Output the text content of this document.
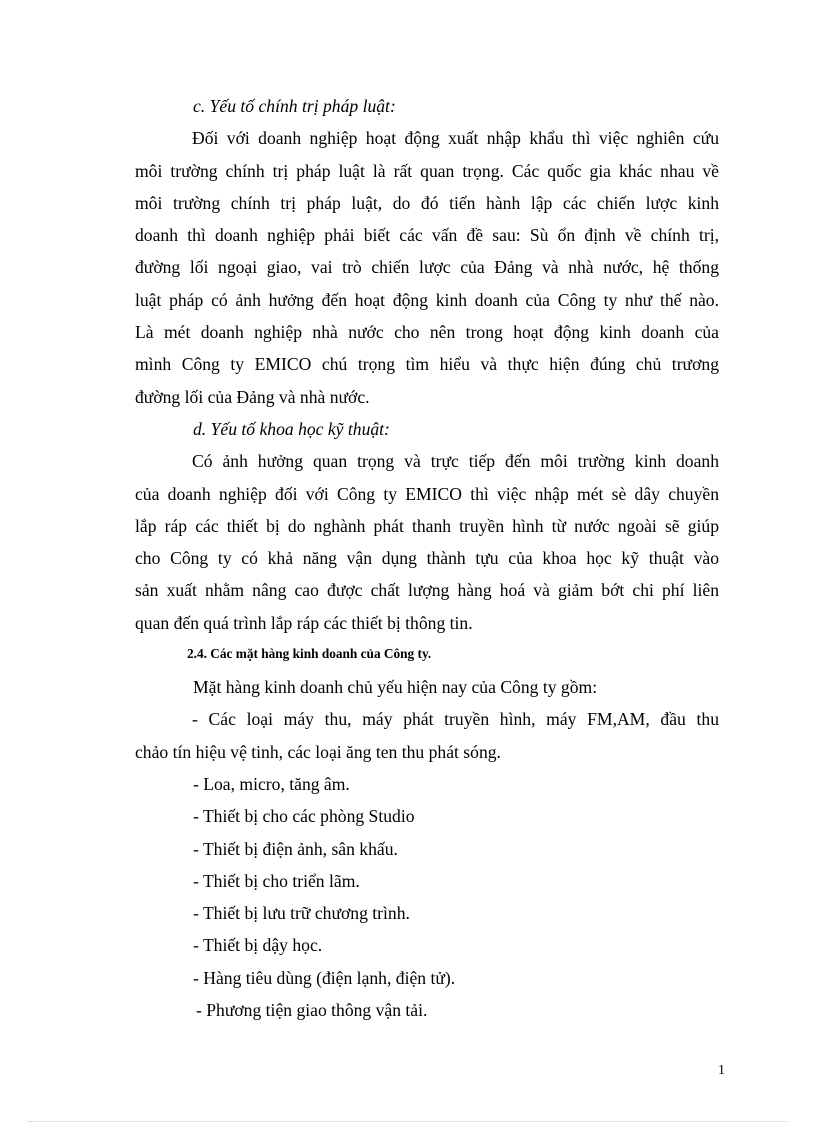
c. Yếu tố chính trị pháp luật:
Đối với doanh nghiệp hoạt động xuất nhập khẩu thì việc nghiên cứu
môi trường chính trị pháp luật là rất quan trọng. Các quốc gia khác nhau về
môi trường chính trị pháp luật, do đó tiến hành lập các chiến lược kinh
doanh thì doanh nghiệp phải biết các vấn đề sau: Sù ổn định về chính trị,
đường lối ngoại giao, vai trò chiến lược của Đảng và nhà nước, hệ thống
luật pháp có ảnh hưởng đến hoạt động kinh doanh của Công ty như thế nào.
Là mét doanh nghiệp nhà nước cho nên trong hoạt động kinh doanh của
mình Công ty EMICO chú trọng tìm hiểu và thực hiện đúng chủ trương
đường lối của Đảng và nhà nước.
d. Yếu tố khoa học kỹ thuật:
Có ảnh hưởng quan trọng và trực tiếp đến môi trường kinh doanh
của doanh nghiệp đối với Công ty EMICO thì việc nhập mét sè dây chuyền
lắp ráp các thiết bị do nghành phát thanh truyền hình từ nước ngoài sẽ giúp
cho Công ty có khả năng vận dụng thành tựu của khoa học kỹ thuật vào
sản xuất nhằm nâng cao được chất lượng hàng hoá và giảm bớt chi phí liên
quan đến quá trình lắp ráp các thiết bị thông tin.
2.4. Các mặt hàng kinh doanh của Công ty.
Mặt hàng kinh doanh chủ yếu hiện nay của Công ty gồm:
- Các loại máy thu, máy phát truyền hình, máy FM,AM, đầu thu
chảo tín hiệu vệ tinh, các loại ăng ten thu phát sóng.
- Loa, micro, tăng âm.
- Thiết bị cho các phòng Studio
- Thiết bị điện ảnh, sân khấu.
- Thiết bị cho triển lãm.
- Thiết bị lưu trữ chương trình.
- Thiết bị dậy học.
- Hàng tiêu dùng (điện lạnh, điện tử).
- Phương tiện giao thông vận tải.
1
